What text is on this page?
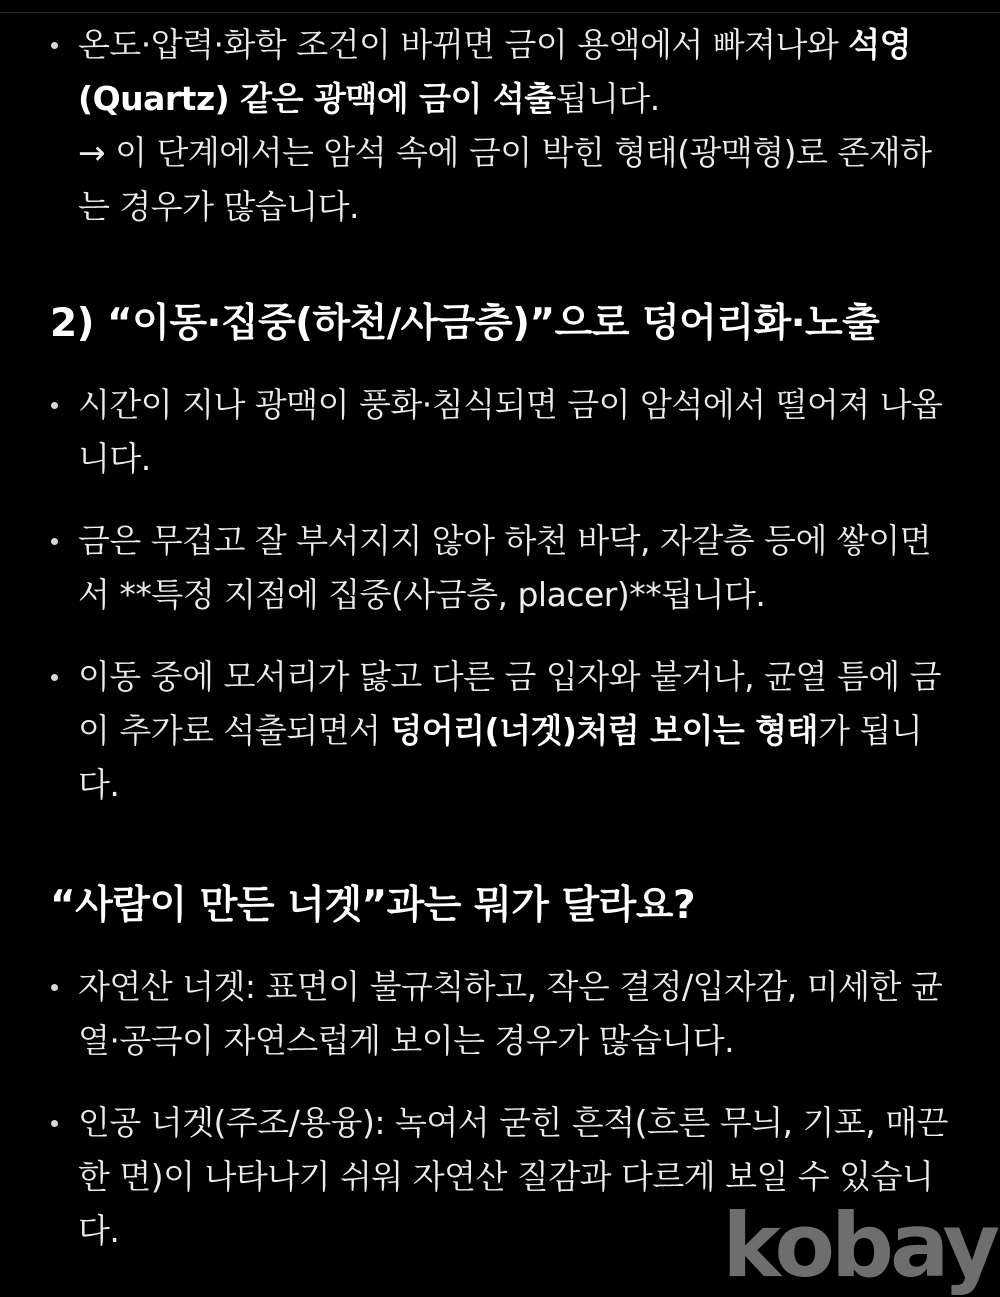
온도·압력·화학 조건이 바뀌면 금이 용액에서 빠져나와 석영(Quartz) 같은 광맥에 금이 석출됩니다.
→ 이 단계에서는 암석 속에 금이 박힌 형태(광맥형)로 존재하는 경우가 많습니다.
2) “이동·집중(하천/사금층)”으로 덩어리화·노출
시간이 지나 광맥이 풍화·침식되면 금이 암석에서 떨어져 나옵니다.
금은 무겁고 잘 부서지지 않아 하천 바닥, 자갈층 등에 쌓이면서 **특정 지점에 집중(사금층, placer)**됩니다.
이동 중에 모서리가 닳고 다른 금 입자와 붙거나, 균열 틈에 금이 추가로 석출되면서 덩어리(너겟)처럼 보이는 형태가 됩니다.
“사람이 만든 너겟”과는 뭐가 달라요?
자연산 너겟: 표면이 불규칙하고, 작은 결정/입자감, 미세한 균열·공극이 자연스럽게 보이는 경우가 많습니다.
인공 너겟(주조/용융): 녹여서 굳힌 흔적(흐른 무늬, 기포, 매끈한 면)이 나타나기 쉬워 자연산 질감과 다르게 보일 수 있습니다.	kobay
